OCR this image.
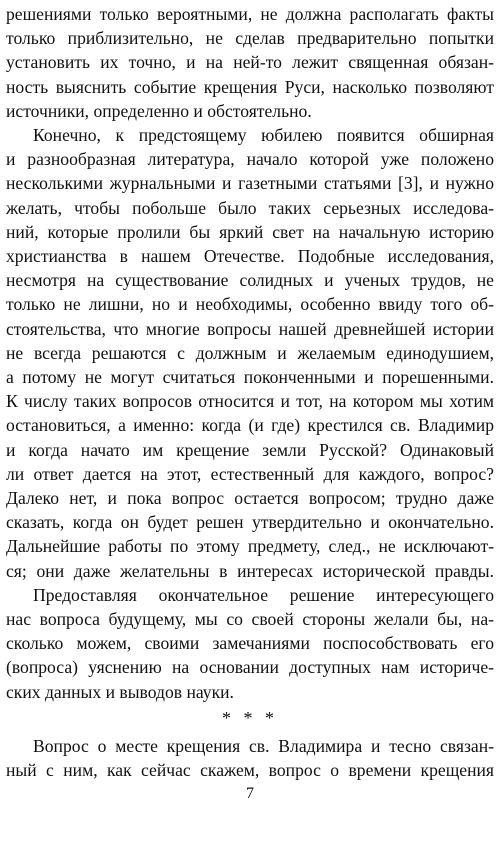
решениями только вероятными, не должна располагать факты
только приблизительно, не сделав предварительно попытки
установить их точно, и на ней-то лежит священная обязан-
ность выяснить событие крещения Руси, насколько позволяют
источники, определенно и обстоятельно.
Конечно, к предстоящему юбилею появится обширная
и разнообразная литература, начало которой уже положено
несколькими журнальными и газетными статьями [3], и нужно
желать, чтобы побольше было таких серьезных исследова-
ний, которые пролили бы яркий свет на начальную историю
христианства в нашем Отечестве. Подобные исследования,
несмотря на существование солидных и ученых трудов, не
только не лишни, но и необходимы, особенно ввиду того об-
стоятельства, что многие вопросы нашей древнейшей истории
не всегда решаются с должным и желаемым единодушием,
а потому не могут считаться поконченными и порешенными.
К числу таких вопросов относится и тот, на котором мы хотим
остановиться, а именно: когда (и где) крестился св. Владимир
и когда начато им крещение земли Русской? Одинаковый
ли ответ дается на этот, естественный для каждого, вопрос?
Далеко нет, и пока вопрос остается вопросом; трудно даже
сказать, когда он будет решен утвердительно и окончательно.
Дальнейшие работы по этому предмету, след., не исключают-
ся; они даже желательны в интересах исторической правды.
Предоставляя окончательное решение интересующего
нас вопроса будущему, мы со своей стороны желали бы, на-
сколько можем, своими замечаниями поспособствовать его
(вопроса) уяснению на основании доступных нам историче-
ских данных и выводов науки.
* * *
Вопрос о месте крещения св. Владимира и тесно связан-
ный с ним, как сейчас скажем, вопрос о времени крещения
7
